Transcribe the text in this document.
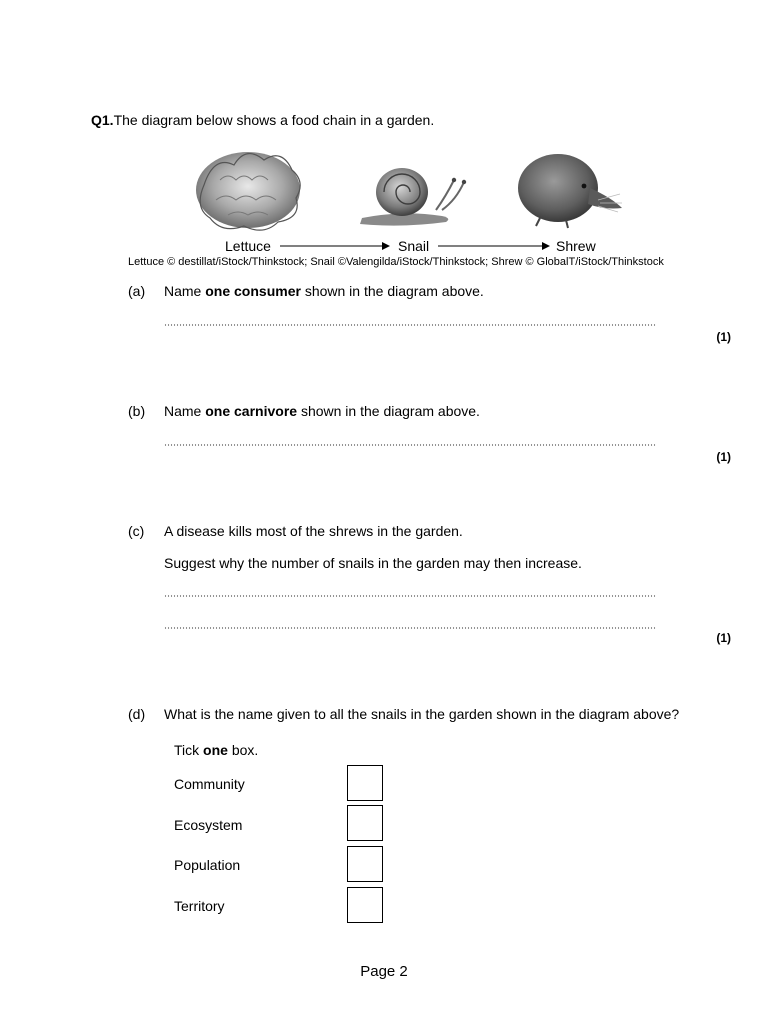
Q1.The diagram below shows a food chain in a garden.
Lettuce	Snail	Shrew
Lettuce © destillat/iStock/Thinkstock; Snail ©Valengilda/iStock/Thinkstock; Shrew © GlobalT/iStock/Thinkstock
(a) Name one consumer shown in the diagram above.
(1)
(b) Name one carnivore shown in the diagram above.
(1)
(c) A disease kills most of the shrews in the garden.
Suggest why the number of snails in the garden may then increase.
(1)
(d) What is the name given to all the snails in the garden shown in the diagram above?
Tick one box.
Community
Ecosystem
Population
Territory
Page 2
